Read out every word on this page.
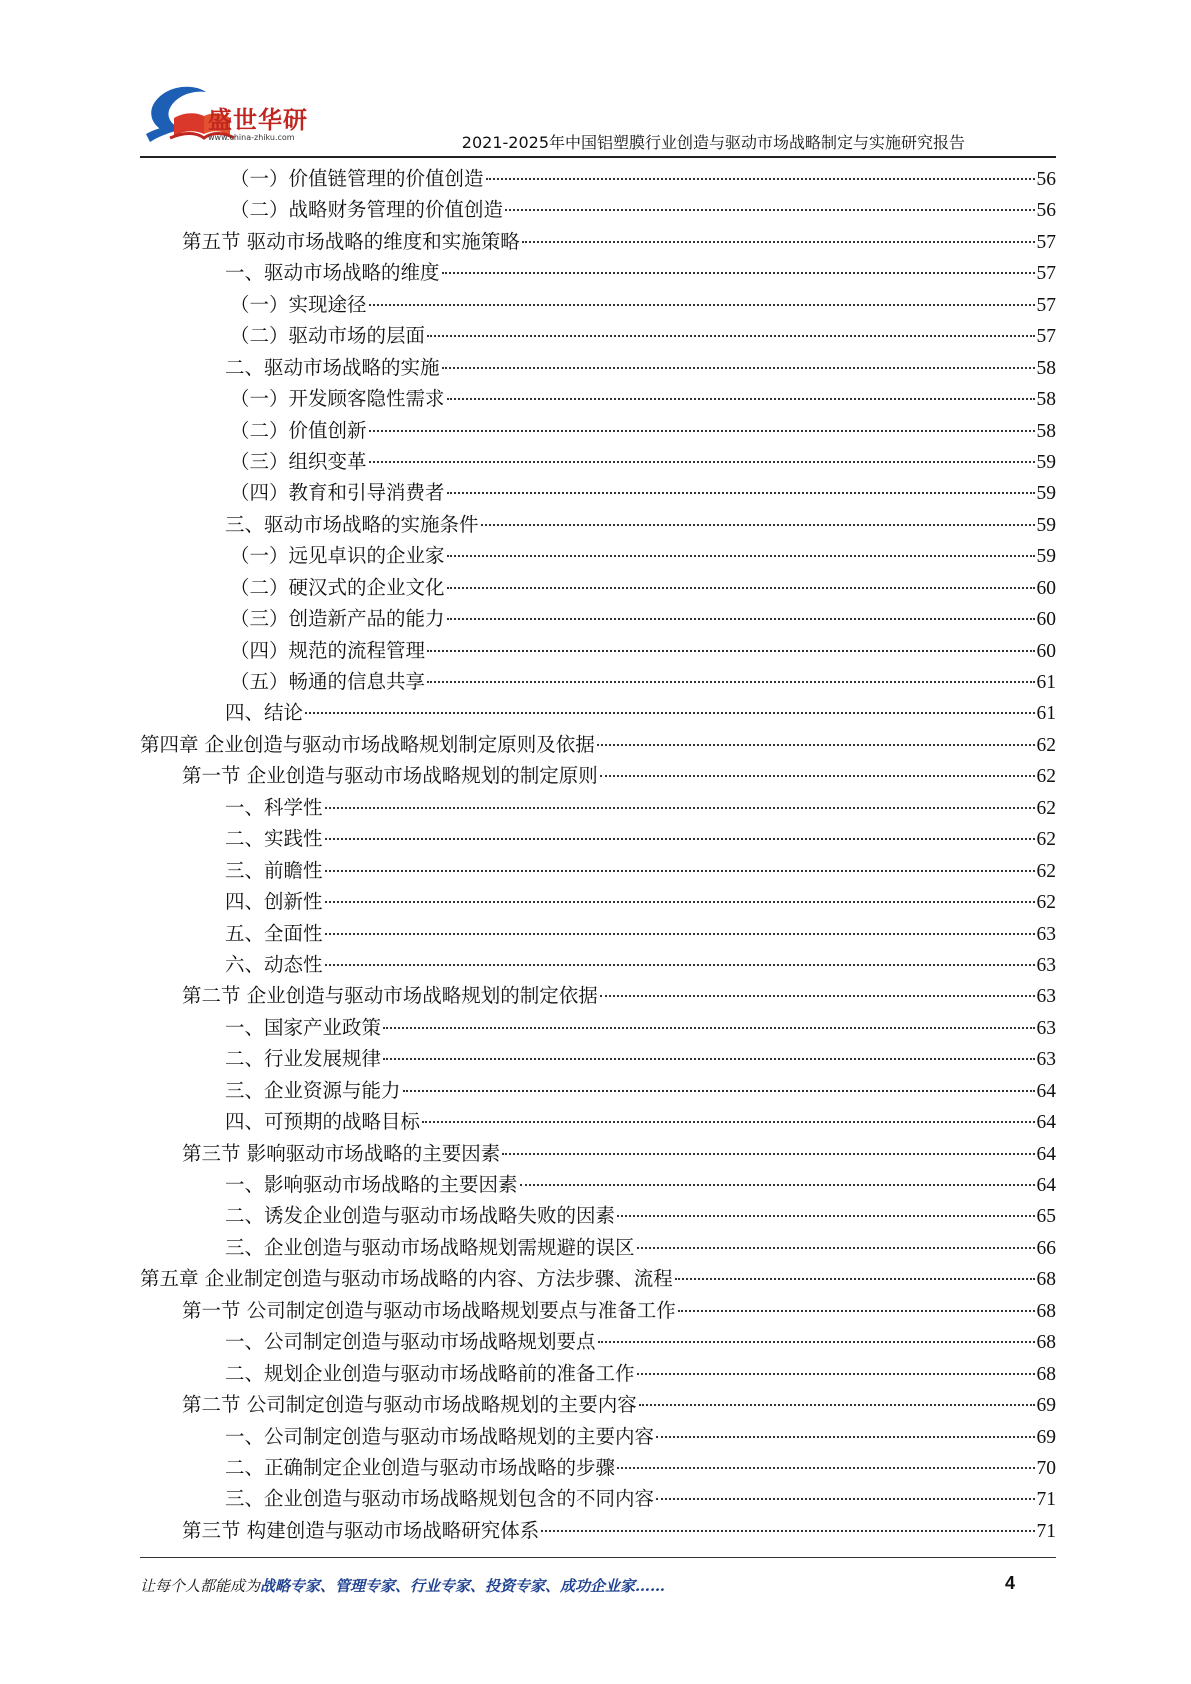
盛世华研
www.china-zhiku.com	2021-2025年中国铝塑膜行业创造与驱动市场战略制定与实施研究报告
（一）价值链管理的价值创造	56
（二）战略财务管理的价值创造	56
第五节 驱动市场战略的维度和实施策略	57
一、驱动市场战略的维度	57
（一）实现途径	57
（二）驱动市场的层面	57
二、驱动市场战略的实施	58
（一）开发顾客隐性需求	58
（二）价值创新	58
（三）组织变革	59
（四）教育和引导消费者	59
三、驱动市场战略的实施条件	59
（一）远见卓识的企业家	59
（二）硬汉式的企业文化	60
（三）创造新产品的能力	60
（四）规范的流程管理	60
（五）畅通的信息共享	61
四、结论	61
第四章 企业创造与驱动市场战略规划制定原则及依据	62
第一节 企业创造与驱动市场战略规划的制定原则	62
一、科学性	62
二、实践性	62
三、前瞻性	62
四、创新性	62
五、全面性	63
六、动态性	63
第二节 企业创造与驱动市场战略规划的制定依据	63
一、国家产业政策	63
二、行业发展规律	63
三、企业资源与能力	64
四、可预期的战略目标	64
第三节 影响驱动市场战略的主要因素	64
一、影响驱动市场战略的主要因素	64
二、诱发企业创造与驱动市场战略失败的因素	65
三、企业创造与驱动市场战略规划需规避的误区	66
第五章 企业制定创造与驱动市场战略的内容、方法步骤、流程	68
第一节 公司制定创造与驱动市场战略规划要点与准备工作	68
一、公司制定创造与驱动市场战略规划要点	68
二、规划企业创造与驱动市场战略前的准备工作	68
第二节 公司制定创造与驱动市场战略规划的主要内容	69
一、公司制定创造与驱动市场战略规划的主要内容	69
二、正确制定企业创造与驱动市场战略的步骤	70
三、企业创造与驱动市场战略规划包含的不同内容	71
第三节 构建创造与驱动市场战略研究体系	71
让每个人都能成为战略专家、管理专家、行业专家、投资专家、成功企业家……	4
